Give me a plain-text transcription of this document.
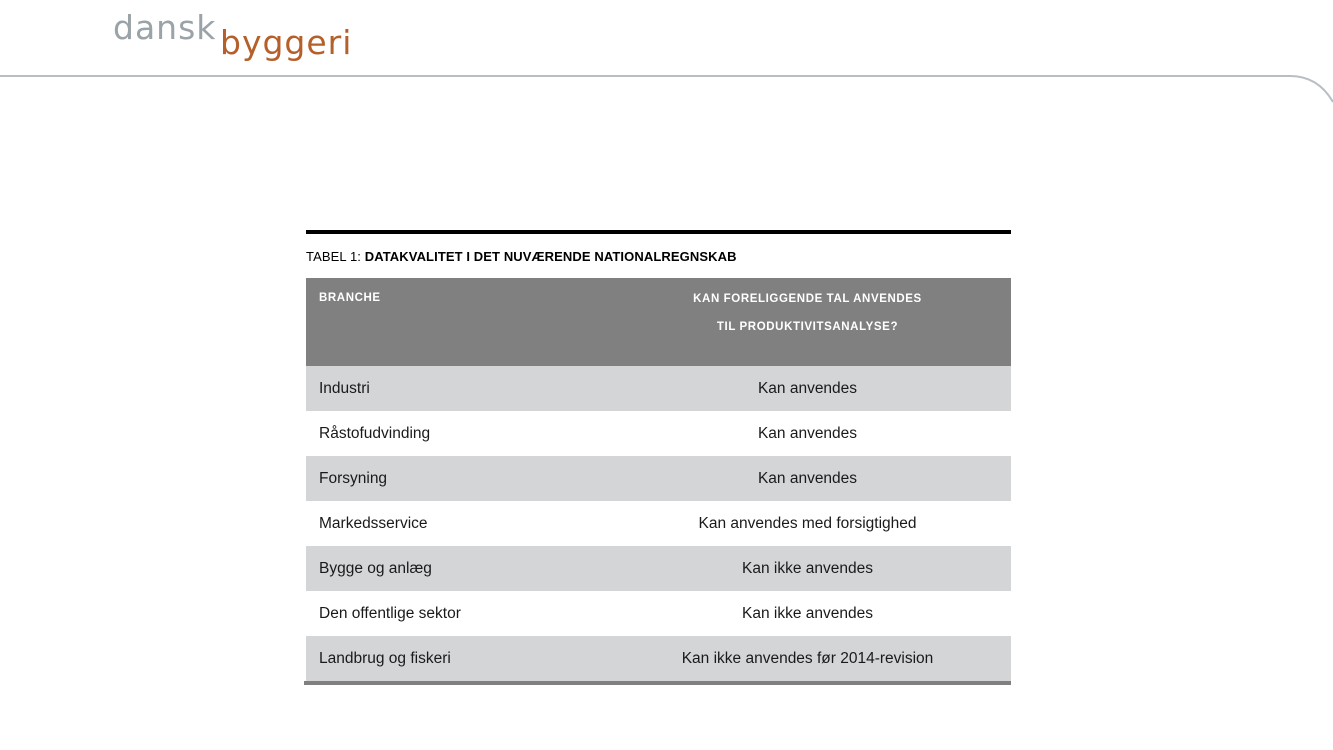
dansk byggeri
TABEL 1: DATAKVALITET I DET NUVÆRENDE NATIONALREGNSKAB
BRANCHE	KAN FORELIGGENDE TAL ANVENDES
TIL PRODUKTIVITSANALYSE?

Industri	Kan anvendes
Råstofudvinding	Kan anvendes
Forsyning	Kan anvendes
Markedsservice	Kan anvendes med forsigtighed
Bygge og anlæg	Kan ikke anvendes
Den offentlige sektor	Kan ikke anvendes
Landbrug og fiskeri	Kan ikke anvendes før 2014-revision
